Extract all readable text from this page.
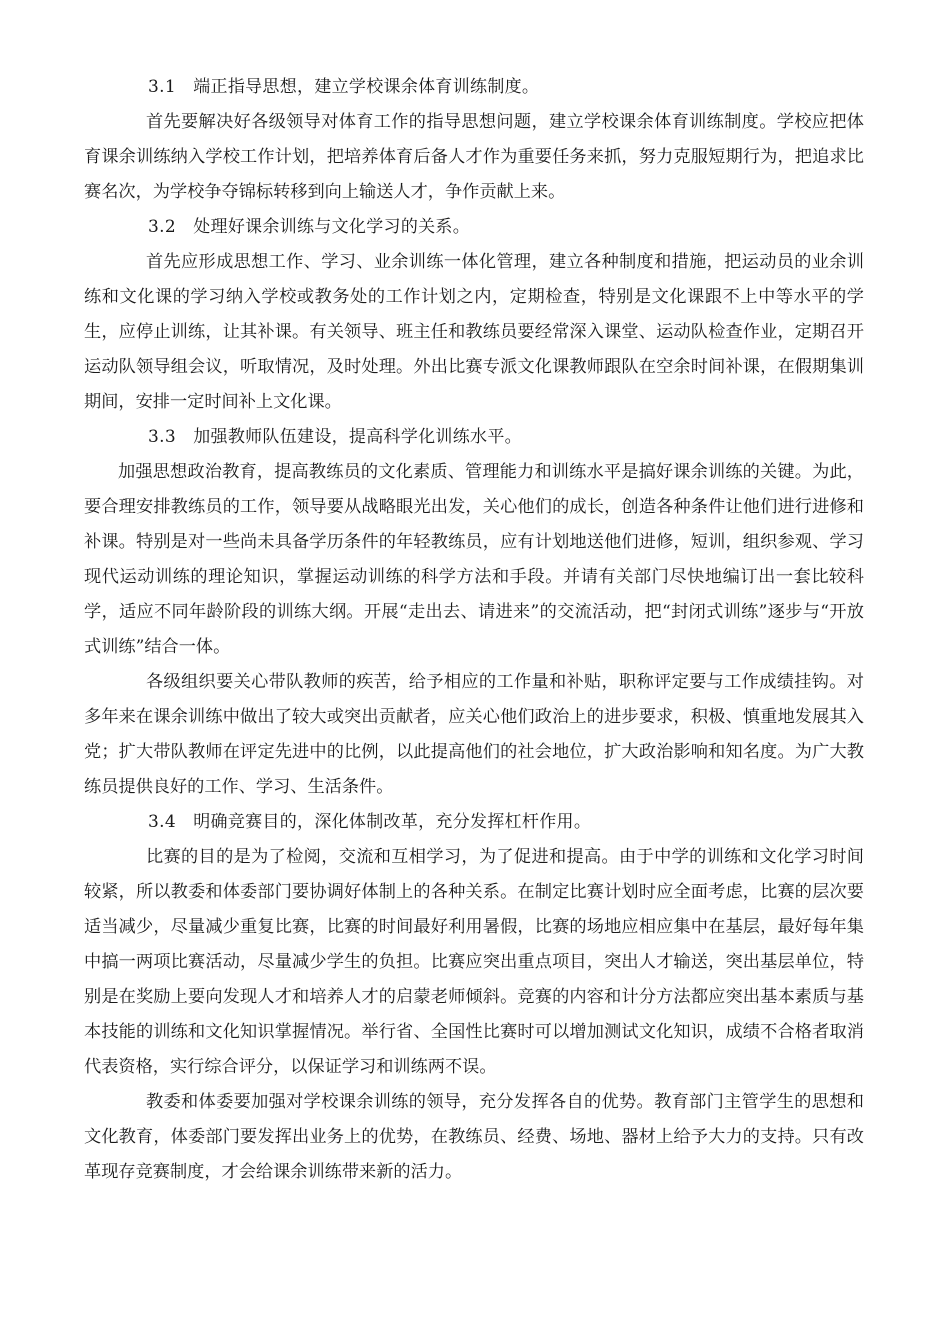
3.1　端正指导思想，建立学校课余体育训练制度。

首先要解决好各级领导对体育工作的指导思想问题，建立学校课余体育训练制度。学校应把体育课余训练纳入学校工作计划，把培养体育后备人才作为重要任务来抓，努力克服短期行为，把追求比赛名次，为学校争夺锦标转移到向上输送人才，争作贡献上来。

3.2　处理好课余训练与文化学习的关系。

首先应形成思想工作、学习、业余训练一体化管理，建立各种制度和措施，把运动员的业余训练和文化课的学习纳入学校或教务处的工作计划之内，定期检查，特别是文化课跟不上中等水平的学生，应停止训练，让其补课。有关领导、班主任和教练员要经常深入课堂、运动队检查作业，定期召开运动队领导组会议，听取情况，及时处理。外出比赛专派文化课教师跟队在空余时间补课，在假期集训期间，安排一定时间补上文化课。

3.3　加强教师队伍建设，提高科学化训练水平。

加强思想政治教育，提高教练员的文化素质、管理能力和训练水平是搞好课余训练的关键。为此，要合理安排教练员的工作，领导要从战略眼光出发，关心他们的成长，创造各种条件让他们进行进修和补课。特别是对一些尚未具备学历条件的年轻教练员，应有计划地送他们进修，短训，组织参观、学习现代运动训练的理论知识，掌握运动训练的科学方法和手段。并请有关部门尽快地编订出一套比较科学，适应不同年龄阶段的训练大纲。开展“走出去、请进来”的交流活动，把“封闭式训练”逐步与“开放式训练”结合一体。

各级组织要关心带队教师的疾苦，给予相应的工作量和补贴，职称评定要与工作成绩挂钩。对多年来在课余训练中做出了较大或突出贡献者，应关心他们政治上的进步要求，积极、慎重地发展其入党；扩大带队教师在评定先进中的比例，以此提高他们的社会地位，扩大政治影响和知名度。为广大教练员提供良好的工作、学习、生活条件。

3.4　明确竞赛目的，深化体制改革，充分发挥杠杆作用。

比赛的目的是为了检阅，交流和互相学习，为了促进和提高。由于中学的训练和文化学习时间较紧，所以教委和体委部门要协调好体制上的各种关系。在制定比赛计划时应全面考虑，比赛的层次要适当减少，尽量减少重复比赛，比赛的时间最好利用暑假，比赛的场地应相应集中在基层，最好每年集中搞一两项比赛活动，尽量减少学生的负担。比赛应突出重点项目，突出人才输送，突出基层单位，特别是在奖励上要向发现人才和培养人才的启蒙老师倾斜。竞赛的内容和计分方法都应突出基本素质与基本技能的训练和文化知识掌握情况。举行省、全国性比赛时可以增加测试文化知识，成绩不合格者取消代表资格，实行综合评分，以保证学习和训练两不误。

教委和体委要加强对学校课余训练的领导，充分发挥各自的优势。教育部门主管学生的思想和文化教育，体委部门要发挥出业务上的优势，在教练员、经费、场地、器材上给予大力的支持。只有改革现存竞赛制度，才会给课余训练带来新的活力。
